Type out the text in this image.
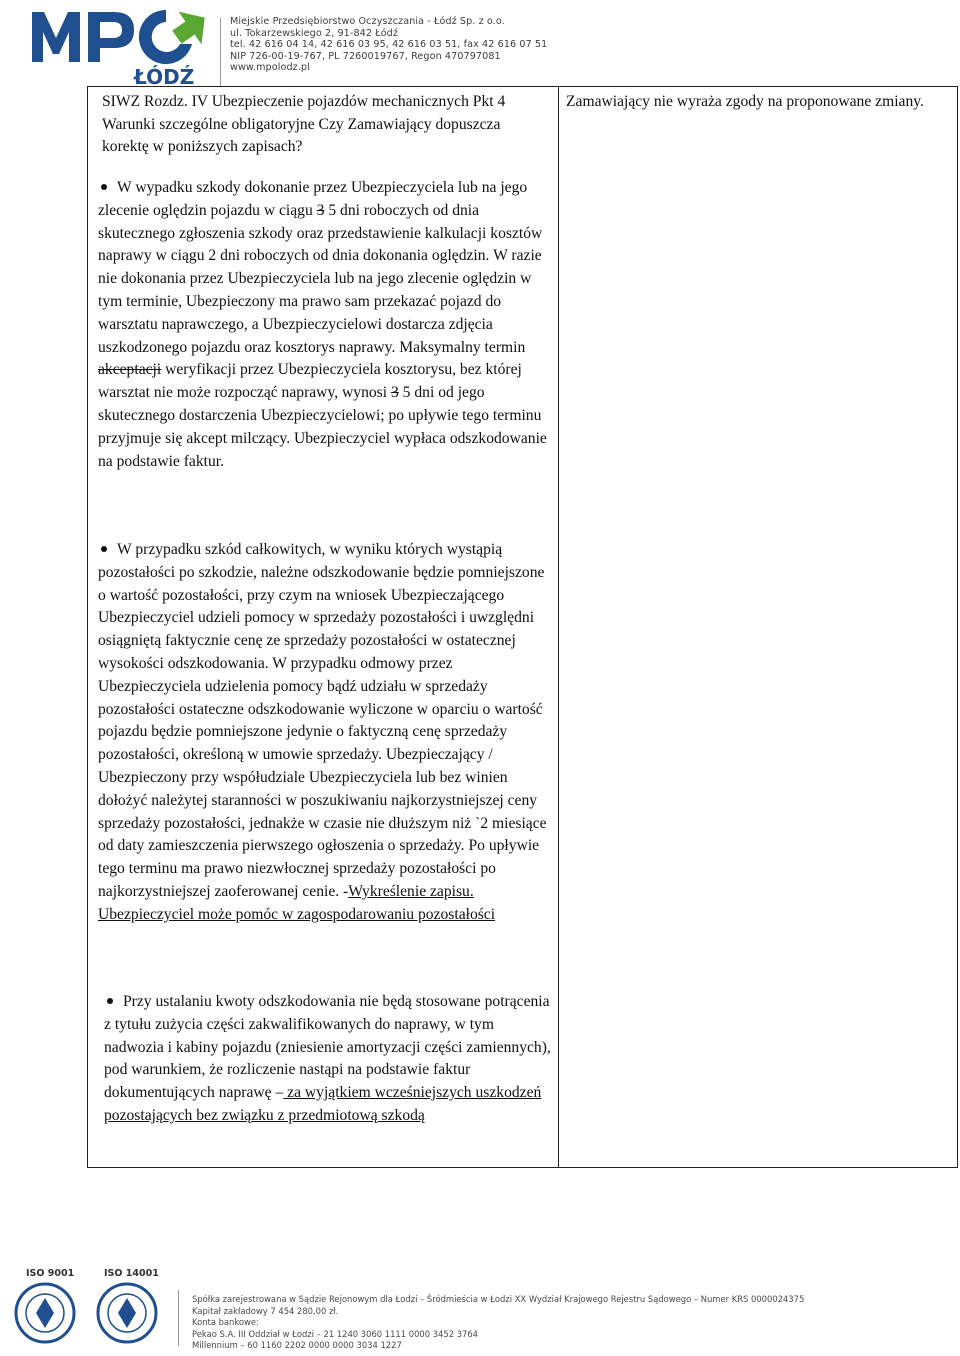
ŁÓDŹ
Miejskie Przedsiębiorstwo Oczyszczania - Łódź Sp. z o.o.
ul. Tokarzewskiego 2, 91-842 Łódź
tel. 42 616 04 14, 42 616 03 95, 42 616 03 51, fax 42 616 07 51
NIP 726-00-19-767, PL 7260019767, Regon 470797081
www.mpolodz.pl
SIWZ Rozdz. IV Ubezpieczenie pojazdów mechanicznych Pkt 4 Warunki szczególne obligatoryjne Czy Zamawiający dopuszcza korektę w poniższych zapisach?
Zamawiający nie wyraża zgody na proponowane zmiany.
W wypadku szkody dokonanie przez Ubezpieczyciela lub na jego zlecenie oględzin pojazdu w ciągu 3 5 dni roboczych od dnia skutecznego zgłoszenia szkody oraz przedstawienie kalkulacji kosztów naprawy w ciągu 2 dni roboczych od dnia dokonania oględzin. W razie nie dokonania przez Ubezpieczyciela lub na jego zlecenie oględzin w tym terminie, Ubezpieczony ma prawo sam przekazać pojazd do warsztatu naprawczego, a Ubezpieczycielowi dostarcza zdjęcia uszkodzonego pojazdu oraz kosztorys naprawy. Maksymalny termin akceptacji weryfikacji przez Ubezpieczyciela kosztorysu, bez której warsztat nie może rozpocząć naprawy, wynosi 3 5 dni od jego skutecznego dostarczenia Ubezpieczycielowi; po upływie tego terminu przyjmuje się akcept milczący. Ubezpieczyciel wypłaca odszkodowanie na podstawie faktur.
W przypadku szkód całkowitych, w wyniku których wystąpią pozostałości po szkodzie, należne odszkodowanie będzie pomniejszone o wartość pozostałości, przy czym na wniosek Ubezpieczającego Ubezpieczyciel udzieli pomocy w sprzedaży pozostałości i uwzględni osiągniętą faktycznie cenę ze sprzedaży pozostałości w ostatecznej wysokości odszkodowania. W przypadku odmowy przez Ubezpieczyciela udzielenia pomocy bądź udziału w sprzedaży pozostałości ostateczne odszkodowanie wyliczone w oparciu o wartość pojazdu będzie pomniejszone jedynie o faktyczną cenę sprzedaży pozostałości, określoną w umowie sprzedaży. Ubezpieczający / Ubezpieczony przy współudziale Ubezpieczyciela lub bez winien dołożyć należytej staranności w poszukiwaniu najkorzystniejszej ceny sprzedaży pozostałości, jednakże w czasie nie dłuższym niż `2 miesiące od daty zamieszczenia pierwszego ogłoszenia o sprzedaży. Po upływie tego terminu ma prawo niezwłocznej sprzedaży pozostałości po najkorzystniejszej zaoferowanej cenie. -Wykreślenie zapisu. Ubezpieczyciel może pomóc w zagospodarowaniu pozostałości
Przy ustalaniu kwoty odszkodowania nie będą stosowane potrącenia z tytułu zużycia części zakwalifikowanych do naprawy, w tym nadwozia i kabiny pojazdu (zniesienie amortyzacji części zamiennych), pod warunkiem, że rozliczenie nastąpi na podstawie faktur dokumentujących naprawę – za wyjątkiem wcześniejszych uszkodzeń pozostających bez związku z przedmiotową szkodą
ISO 9001	ISO 14001
Spółka zarejestrowana w Sądzie Rejonowym dla Łodzi – Śródmieścia w Łodzi XX Wydział Krajowego Rejestru Sądowego – Numer KRS 0000024375
Kapitał zakładowy 7 454 280,00 zł.
Konta bankowe:
Pekao S.A. III Oddział w Łodzi – 21 1240 3060 1111 0000 3452 3764
Millennium – 60 1160 2202 0000 0000 3034 1227
